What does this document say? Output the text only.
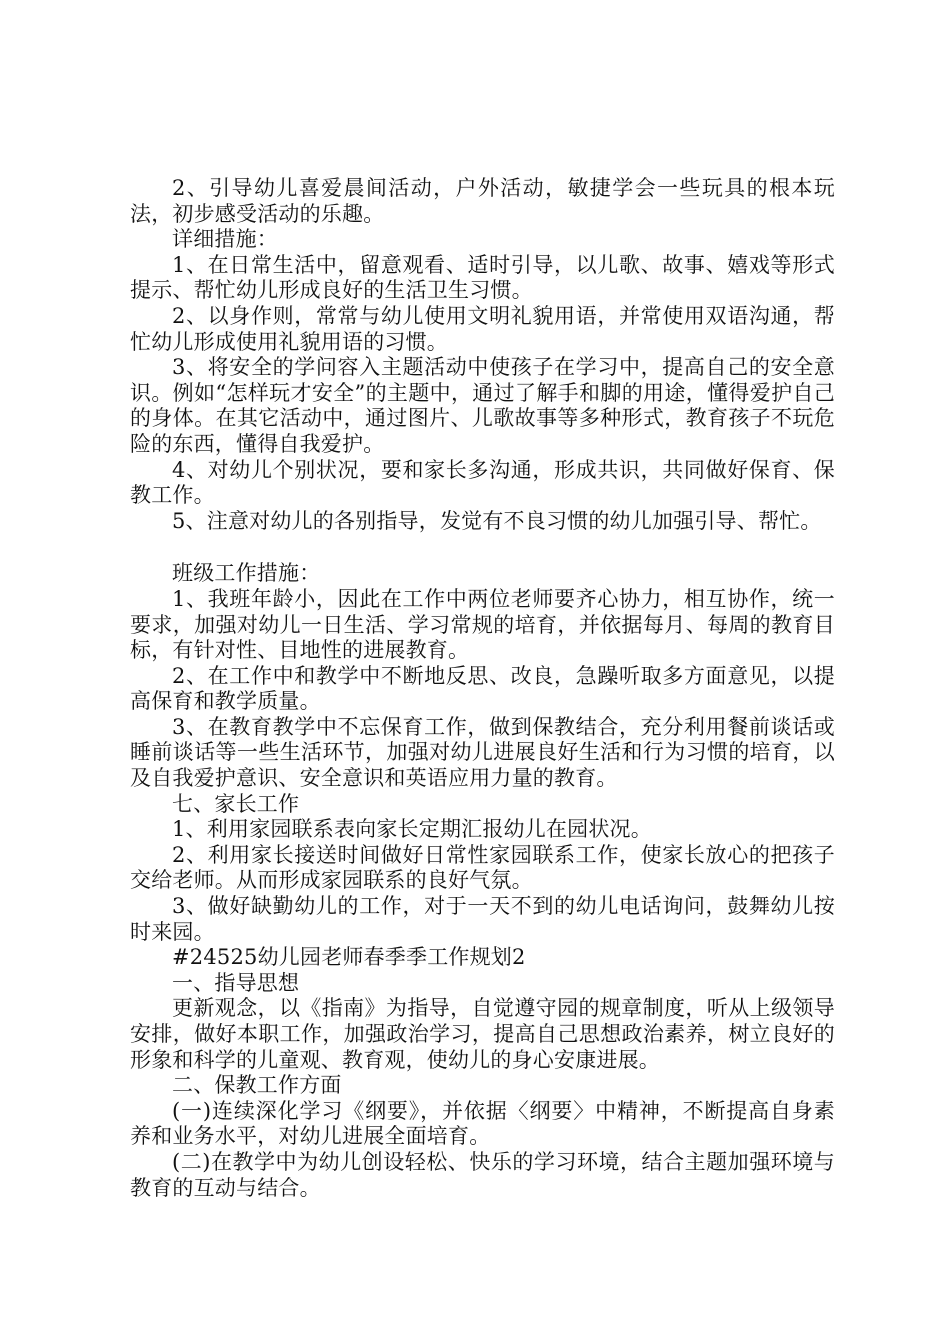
2、引导幼儿喜爱晨间活动，户外活动，敏捷学会一些玩具的根本玩法，初步感受活动的乐趣。

详细措施：

1、在日常生活中，留意观看、适时引导，以儿歌、故事、嬉戏等形式提示、帮忙幼儿形成良好的生活卫生习惯。

2、以身作则，常常与幼儿使用文明礼貌用语，并常使用双语沟通，帮忙幼儿形成使用礼貌用语的习惯。

3、将安全的学问容入主题活动中使孩子在学习中，提高自己的安全意识。例如“怎样玩才安全”的主题中，通过了解手和脚的用途，懂得爱护自己的身体。在其它活动中，通过图片、儿歌故事等多种形式，教育孩子不玩危险的东西，懂得自我爱护。

4、对幼儿个别状况，要和家长多沟通，形成共识，共同做好保育、保教工作。

5、注意对幼儿的各别指导，发觉有不良习惯的幼儿加强引导、帮忙。

班级工作措施：

1、我班年龄小，因此在工作中两位老师要齐心协力，相互协作，统一要求，加强对幼儿一日生活、学习常规的培育，并依据每月、每周的教育目标，有针对性、目地性的进展教育。

2、在工作中和教学中不断地反思、改良，急躁听取多方面意见，以提高保育和教学质量。

3、在教育教学中不忘保育工作，做到保教结合，充分利用餐前谈话或睡前谈话等一些生活环节，加强对幼儿进展良好生活和行为习惯的培育，以及自我爱护意识、安全意识和英语应用力量的教育。

七、家长工作

1、利用家园联系表向家长定期汇报幼儿在园状况。

2、利用家长接送时间做好日常性家园联系工作，使家长放心的把孩子交给老师。从而形成家园联系的良好气氛。

3、做好缺勤幼儿的工作，对于一天不到的幼儿电话询问，鼓舞幼儿按时来园。

#24525幼儿园老师春季季工作规划2

一、指导思想

更新观念，以《指南》为指导，自觉遵守园的规章制度，听从上级领导安排，做好本职工作，加强政治学习，提高自己思想政治素养，树立良好的形象和科学的儿童观、教育观，使幼儿的身心安康进展。

二、保教工作方面

(一)连续深化学习《纲要》，并依据〈纲要〉中精神，不断提高自身素养和业务水平，对幼儿进展全面培育。

(二)在教学中为幼儿创设轻松、快乐的学习环境，结合主题加强环境与教育的互动与结合。
